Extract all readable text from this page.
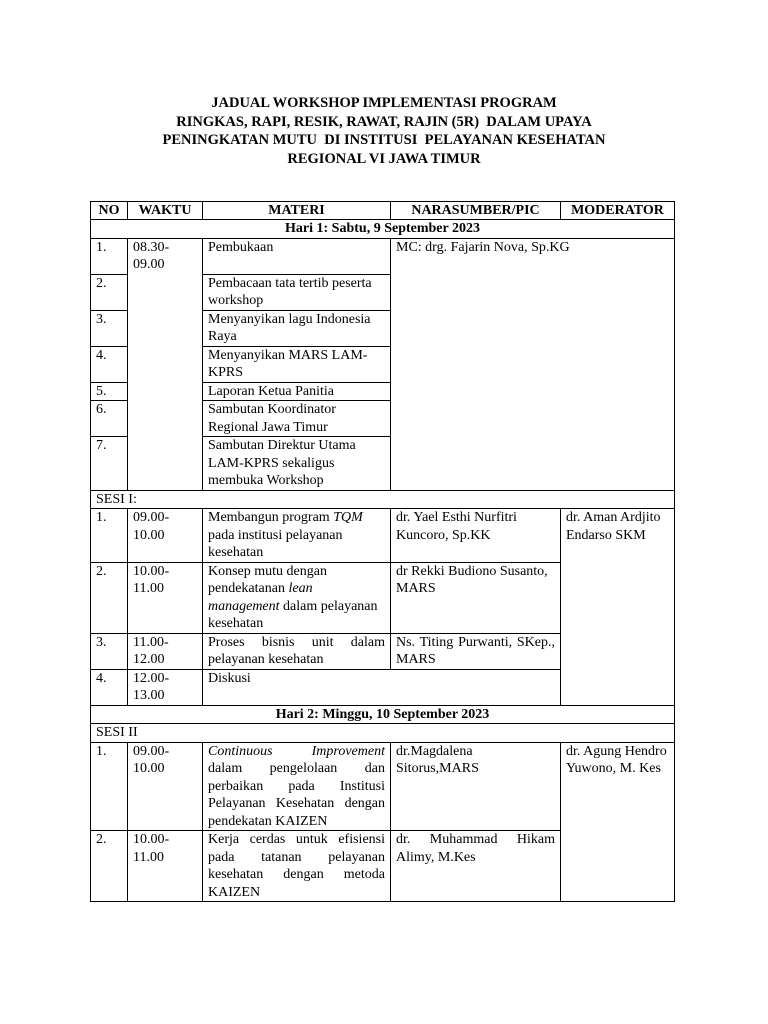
JADUAL WORKSHOP IMPLEMENTASI PROGRAM
RINGKAS, RAPI, RESIK, RAWAT, RAJIN (5R)  DALAM UPAYA
PENINGKATAN MUTU  DI INSTITUSI  PELAYANAN KESEHATAN
REGIONAL VI JAWA TIMUR
NO	WAKTU	MATERI	NARASUMBER/PIC	MODERATOR
Hari 1: Sabtu, 9 September 2023				
1.	08.30-09.00	Pembukaan	MC: drg. Fajarin Nova, Sp.KG	
2.		Pembacaan tata tertib peserta workshop		
3.		Menyanyikan lagu Indonesia Raya		
4.		Menyanyikan MARS LAM-KPRS		
5.		Laporan Ketua Panitia		
6.		Sambutan Koordinator Regional Jawa Timur		
7.		Sambutan Direktur Utama LAM-KPRS sekaligus membuka Workshop		
SESI I:				
1.	09.00-10.00	Membangun program TQM pada institusi pelayanan kesehatan	dr. Yael Esthi Nurfitri Kuncoro, Sp.KK	dr. Aman Ardjito Endarso SKM
2.	10.00-11.00	Konsep mutu dengan pendekatanan lean management dalam pelayanan kesehatan	dr Rekki Budiono Susanto, MARS	
3.	11.00-12.00	Proses bisnis unit dalam pelayanan kesehatan	Ns. Titing Purwanti, SKep., MARS	
4.	12.00-13.00	Diskusi		
Hari 2: Minggu, 10 September 2023				
SESI II				
1.	09.00-10.00	Continuous Improvement dalam pengelolaan dan perbaikan pada Institusi Pelayanan Kesehatan dengan pendekatan KAIZEN	dr.Magdalena Sitorus,MARS	dr. Agung Hendro Yuwono, M. Kes
2.	10.00-11.00	Kerja cerdas untuk efisiensi pada tatanan pelayanan kesehatan dengan metoda KAIZEN	dr. Muhammad Hikam Alimy, M.Kes	
